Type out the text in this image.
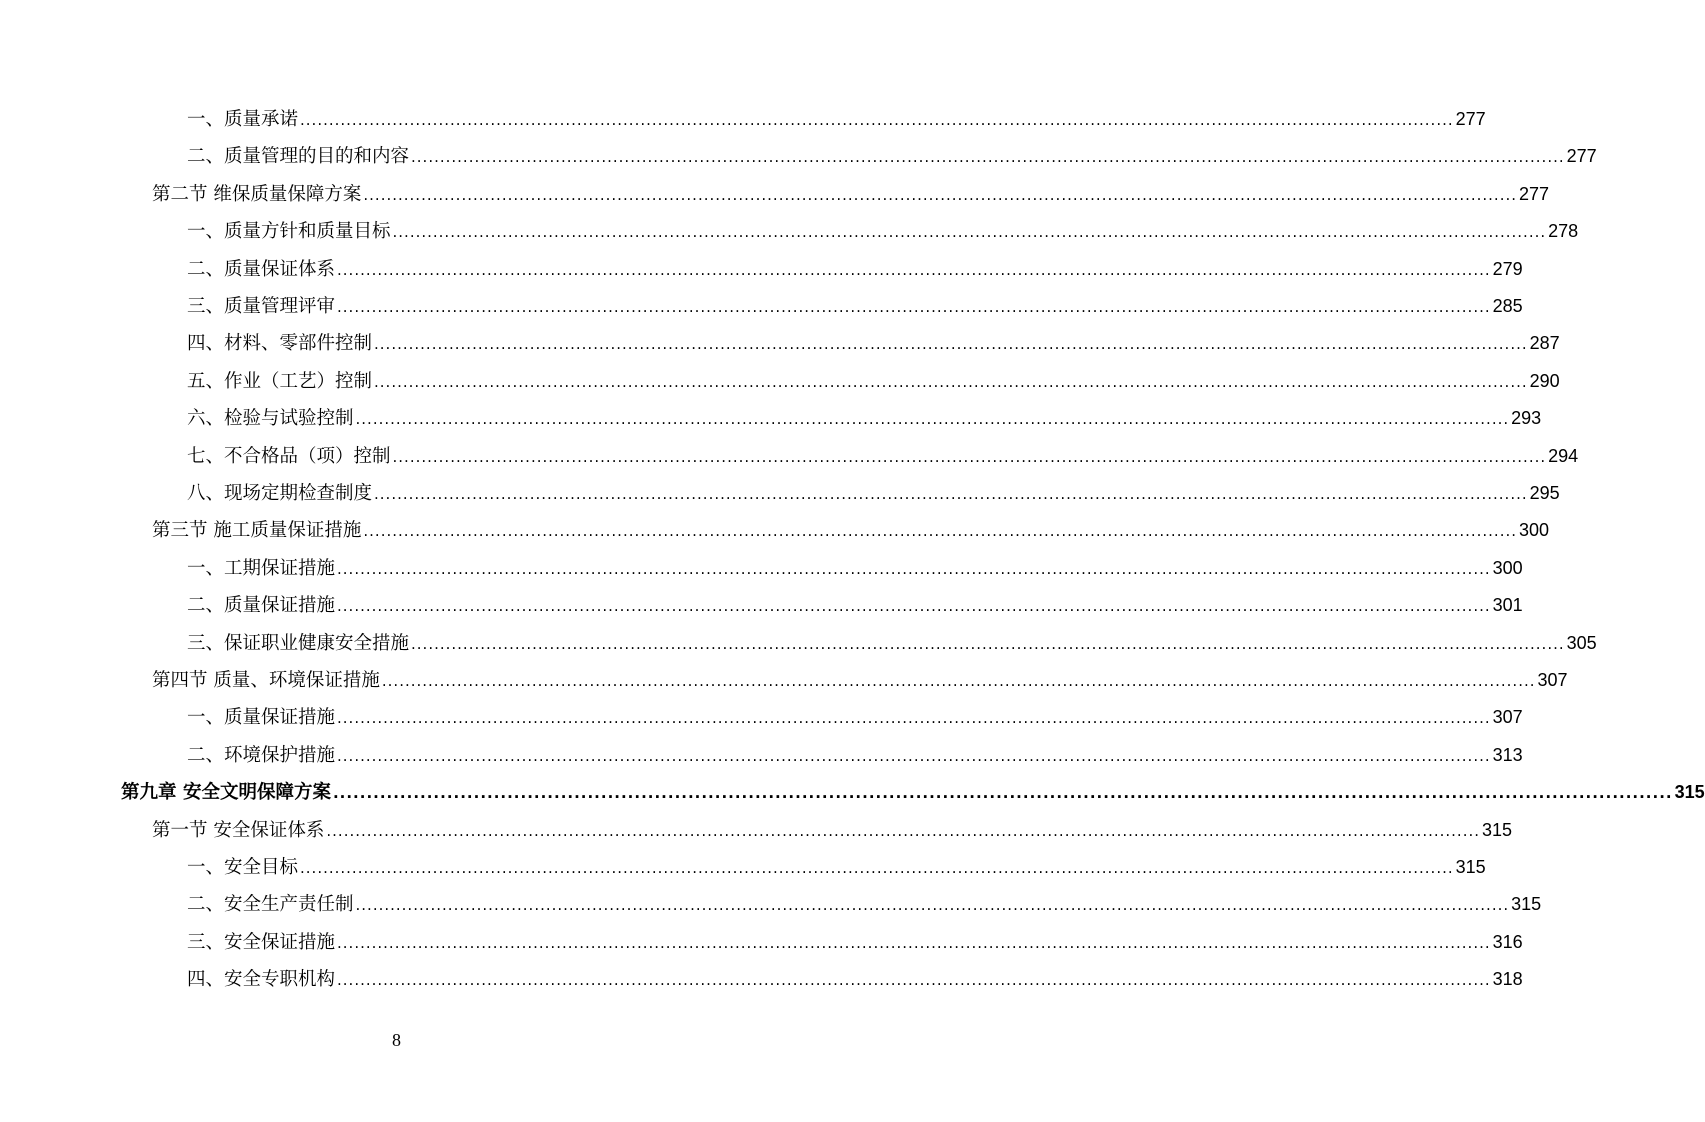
一、质量承诺 ........................................................................................................................................................................................................ 277
二、质量管理的目的和内容 ........................................................................................................................................................................................................ 277
第二节 维保质量保障方案 ........................................................................................................................................................................................................ 277
一、质量方针和质量目标 ........................................................................................................................................................................................................ 278
二、质量保证体系 ........................................................................................................................................................................................................ 279
三、质量管理评审 ........................................................................................................................................................................................................ 285
四、材料、零部件控制 ........................................................................................................................................................................................................ 287
五、作业（工艺）控制 ........................................................................................................................................................................................................ 290
六、检验与试验控制 ........................................................................................................................................................................................................ 293
七、不合格品（项）控制 ........................................................................................................................................................................................................ 294
八、现场定期检查制度 ........................................................................................................................................................................................................ 295
第三节 施工质量保证措施 ........................................................................................................................................................................................................ 300
一、工期保证措施 ........................................................................................................................................................................................................ 300
二、质量保证措施 ........................................................................................................................................................................................................ 301
三、保证职业健康安全措施 ........................................................................................................................................................................................................ 305
第四节 质量、环境保证措施 ........................................................................................................................................................................................................ 307
一、质量保证措施 ........................................................................................................................................................................................................ 307
二、环境保护措施 ........................................................................................................................................................................................................ 313
第九章 安全文明保障方案 ........................................................................................................................................................................................................ 315
第一节 安全保证体系 ........................................................................................................................................................................................................ 315
一、安全目标 ........................................................................................................................................................................................................ 315
二、安全生产责任制 ........................................................................................................................................................................................................ 315
三、安全保证措施 ........................................................................................................................................................................................................ 316
四、安全专职机构 ........................................................................................................................................................................................................ 318
8
